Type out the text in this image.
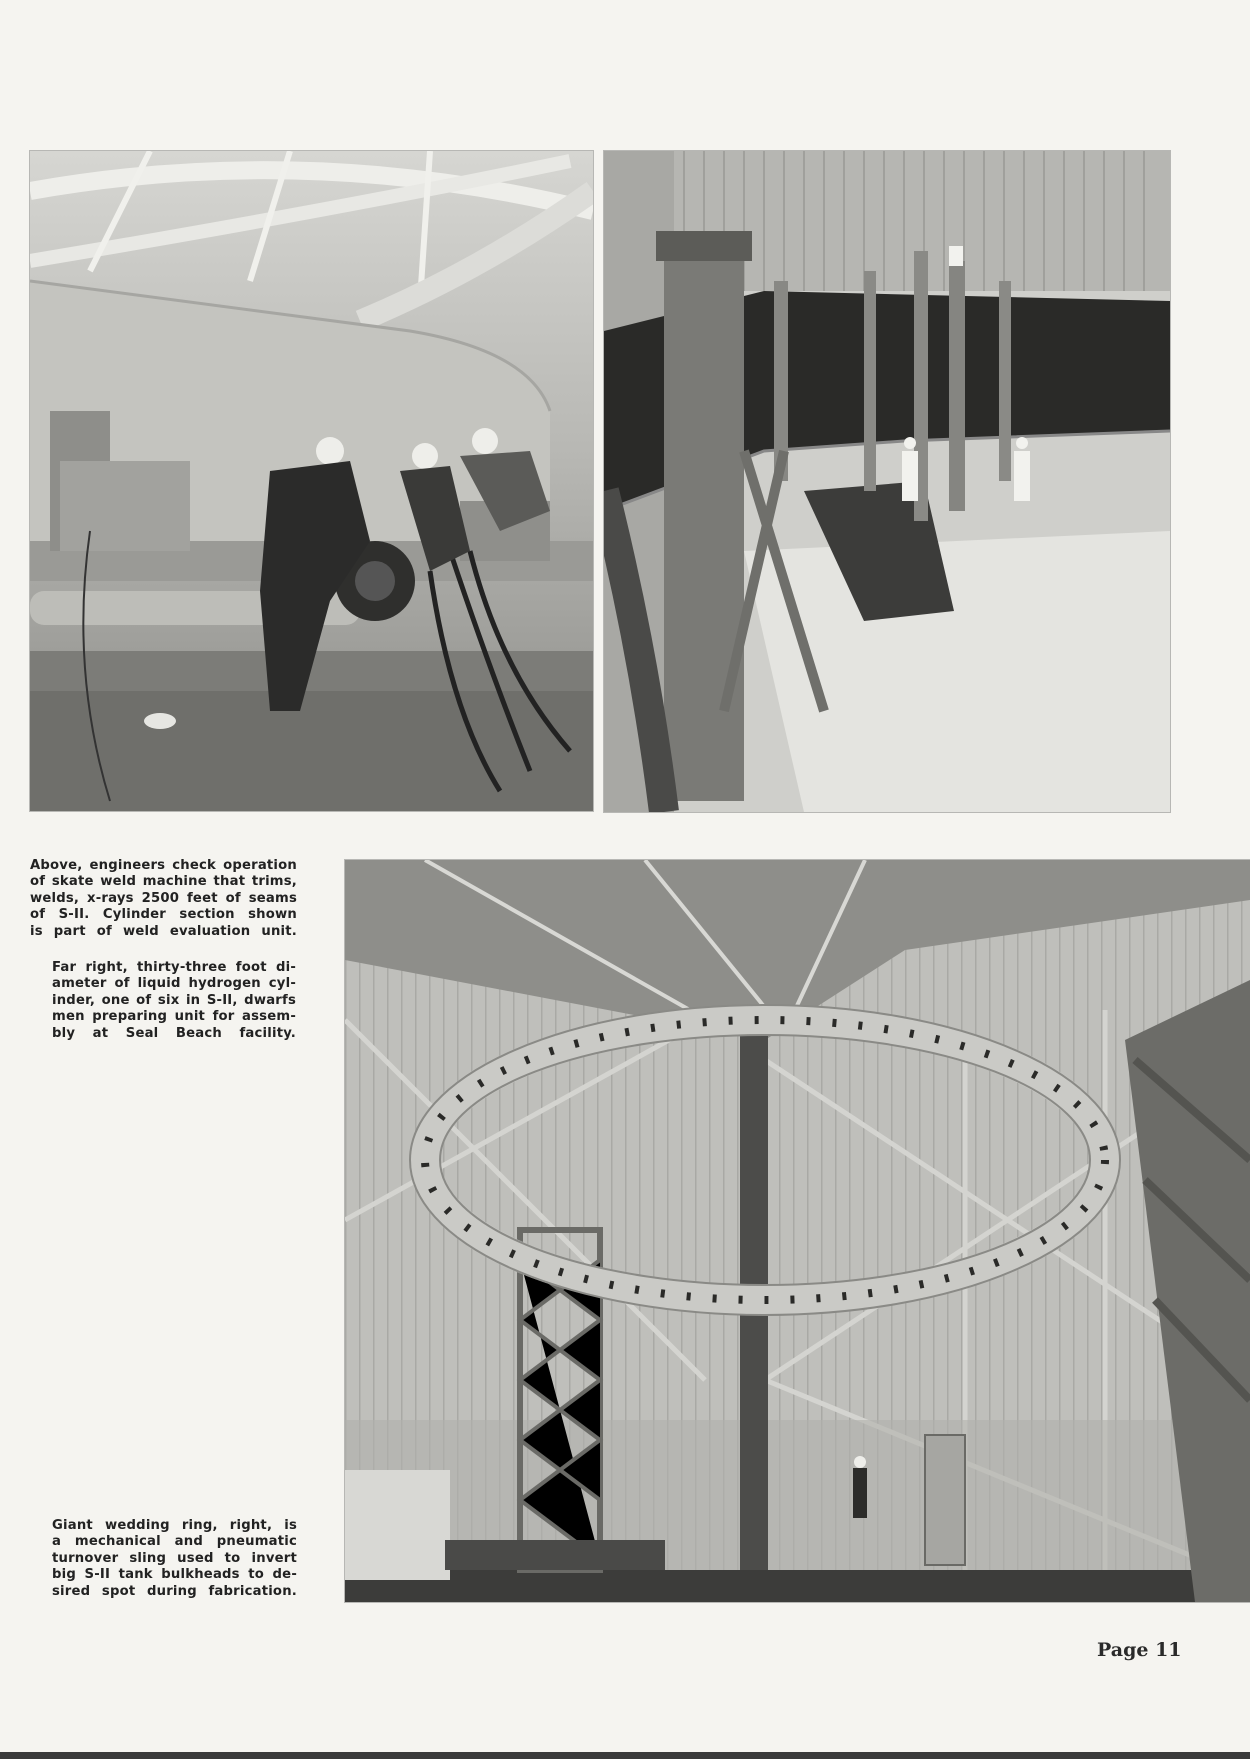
Above, engineers check operation
of skate weld machine that trims,
welds, x-rays 2500 feet of seams
of S-II. Cylinder section shown
is part of weld evaluation unit.
Far right, thirty-three foot di-
ameter of liquid hydrogen cyl-
inder, one of six in S-II, dwarfs
men preparing unit for assem-
bly at Seal Beach facility.
Giant wedding ring, right, is
a mechanical and pneumatic
turnover sling used to invert
big S-II tank bulkheads to de-
sired spot during fabrication.
Page 11
